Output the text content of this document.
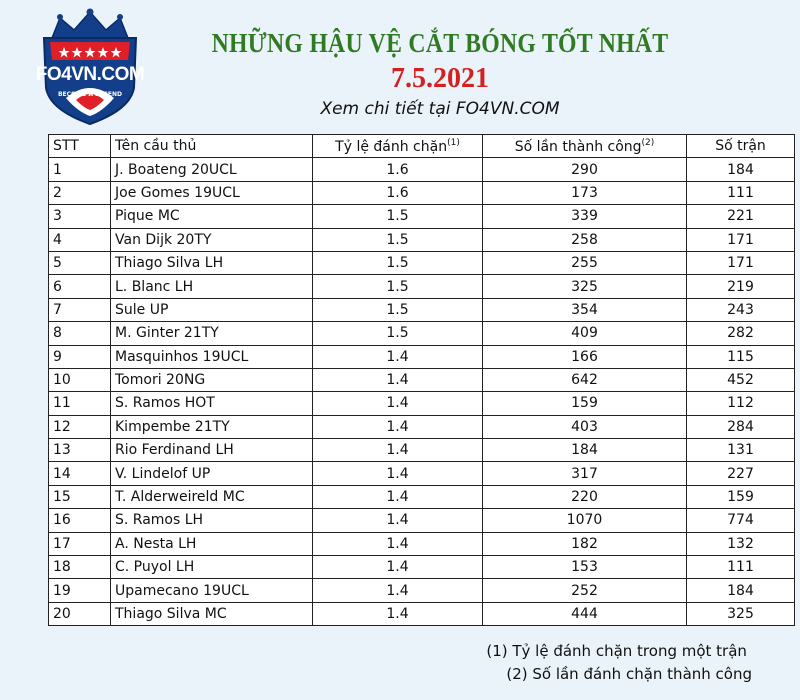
FO4VN.COM
BECOME A LEGEND
NHỮNG HẬU VỆ CẮT BÓNG TỐT NHẤT
7.5.2021
Xem chi tiết tại FO4VN.COM
STT	Tên cầu thủ	Tỷ lệ đánh chặn$^{(1)}$	Số lần thành công$^{(2)}$	Số trận
1	J. Boateng 20UCL	1.6	290	184
2	Joe Gomes 19UCL	1.6	173	111
3	Pique MC	1.5	339	221
4	Van Dijk 20TY	1.5	258	171
5	Thiago Silva LH	1.5	255	171
6	L. Blanc LH	1.5	325	219
7	Sule UP	1.5	354	243
8	M. Ginter 21TY	1.5	409	282
9	Masquinhos 19UCL	1.4	166	115
10	Tomori 20NG	1.4	642	452
11	S. Ramos HOT	1.4	159	112
12	Kimpembe 21TY	1.4	403	284
13	Rio Ferdinand LH	1.4	184	131
14	V. Lindelof UP	1.4	317	227
15	T. Alderweireld MC	1.4	220	159
16	S. Ramos LH	1.4	1070	774
17	A. Nesta LH	1.4	182	132
18	C. Puyol LH	1.4	153	111
19	Upamecano 19UCL	1.4	252	184
20	Thiago Silva MC	1.4	444	325
(1) Tỷ lệ đánh chặn trong một trận
(2) Số lần đánh chặn thành công
